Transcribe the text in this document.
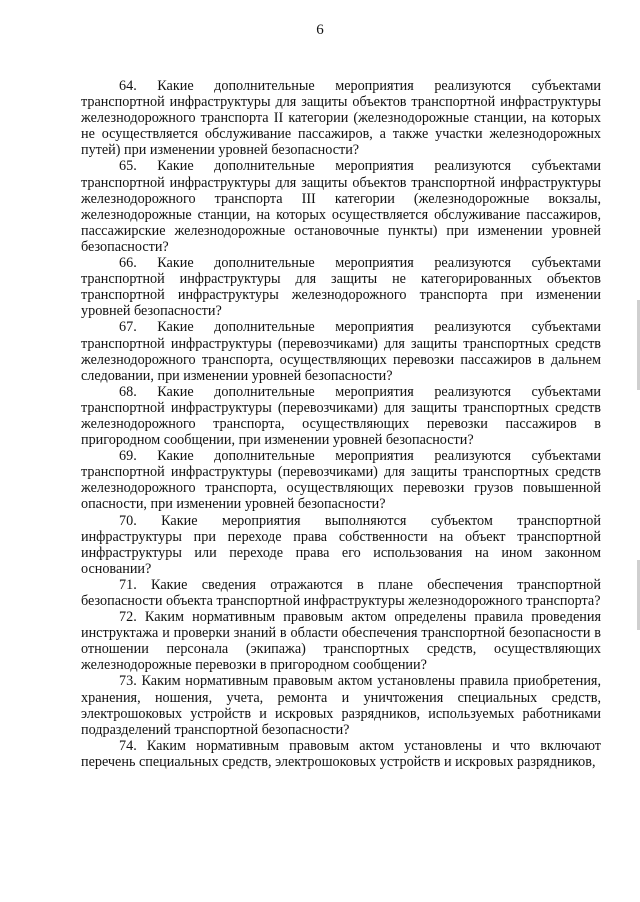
6

64. Какие дополнительные мероприятия реализуются субъектами транспортной инфраструктуры для защиты объектов транспортной инфраструктуры железнодорожного транспорта II категории (железнодорожные станции, на которых не осуществляется обслуживание пассажиров, а также участки железнодорожных путей) при изменении уровней безопасности?

65. Какие дополнительные мероприятия реализуются субъектами транспортной инфраструктуры для защиты объектов транспортной инфраструктуры железнодорожного транспорта III категории (железнодорожные вокзалы, железнодорожные станции, на которых осуществляется обслуживание пассажиров, пассажирские железнодорожные остановочные пункты) при изменении уровней безопасности?

66. Какие дополнительные мероприятия реализуются субъектами транспортной инфраструктуры для защиты не категорированных объектов транспортной инфраструктуры железнодорожного транспорта при изменении уровней безопасности?

67. Какие дополнительные мероприятия реализуются субъектами транспортной инфраструктуры (перевозчиками) для защиты транспортных средств железнодорожного транспорта, осуществляющих перевозки пассажиров в дальнем следовании, при изменении уровней безопасности?

68. Какие дополнительные мероприятия реализуются субъектами транспортной инфраструктуры (перевозчиками) для защиты транспортных средств железнодорожного транспорта, осуществляющих перевозки пассажиров в пригородном сообщении, при изменении уровней безопасности?

69. Какие дополнительные мероприятия реализуются субъектами транспортной инфраструктуры (перевозчиками) для защиты транспортных средств железнодорожного транспорта, осуществляющих перевозки грузов повышенной опасности, при изменении уровней безопасности?

70. Какие мероприятия выполняются субъектом транспортной инфраструктуры при переходе права собственности на объект транспортной инфраструктуры или переходе права его использования на ином законном основании?

71. Какие сведения отражаются в плане обеспечения транспортной безопасности объекта транспортной инфраструктуры железнодорожного транспорта?

72. Каким нормативным правовым актом определены правила проведения инструктажа и проверки знаний в области обеспечения транспортной безопасности в отношении персонала (экипажа) транспортных средств, осуществляющих железнодорожные перевозки в пригородном сообщении?

73. Каким нормативным правовым актом установлены правила приобретения, хранения, ношения, учета, ремонта и уничтожения специальных средств, электрошоковых устройств и искровых разрядников, используемых работниками подразделений транспортной безопасности?

74. Каким нормативным правовым актом установлены и что включают перечень специальных средств, электрошоковых устройств и искровых разрядников,
